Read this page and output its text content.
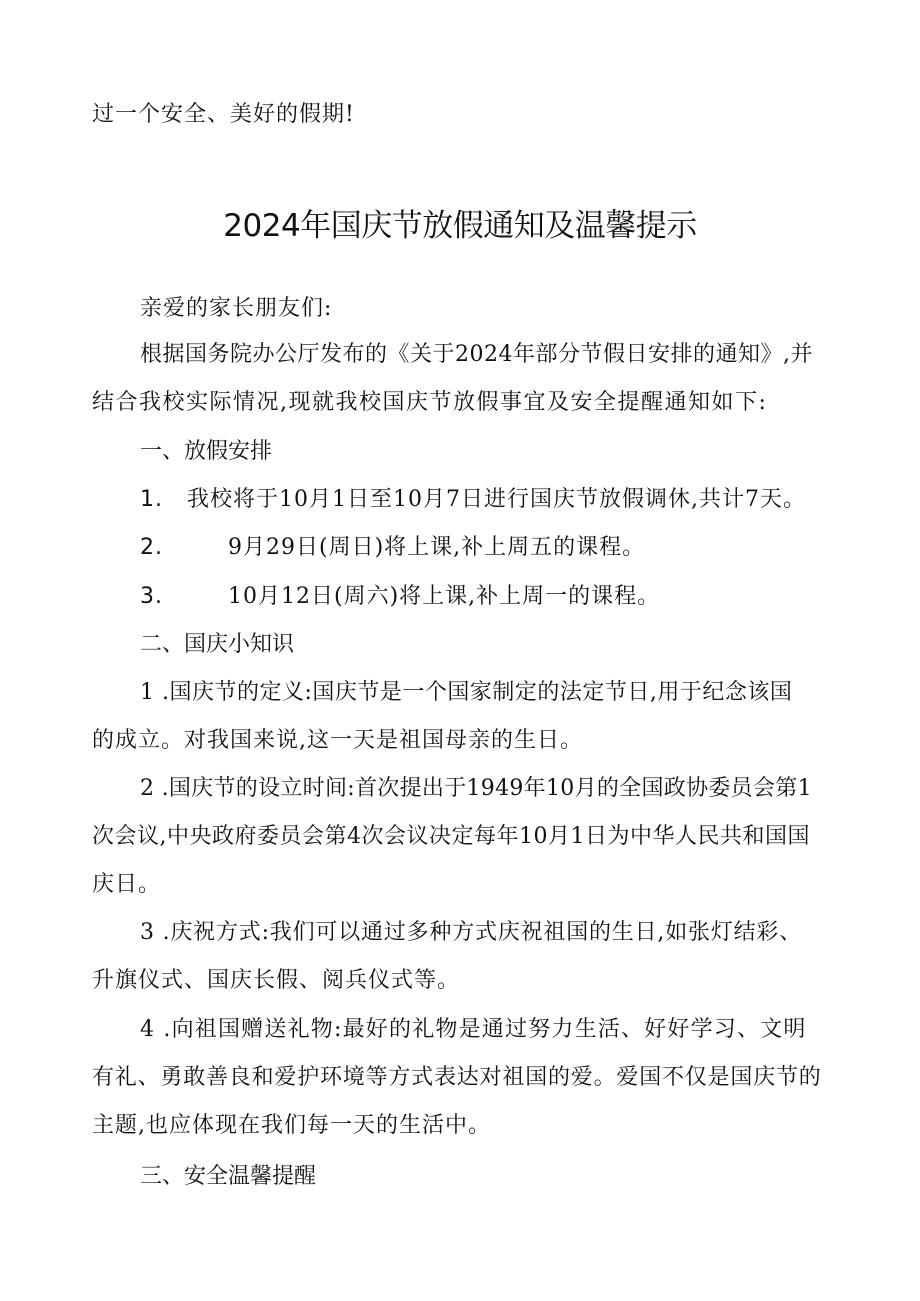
过一个安全、美好的假期!
2024年国庆节放假通知及温馨提示
亲爱的家长朋友们:
根据国务院办公厅发布的《关于2024年部分节假日安排的通知》,并
结合我校实际情况,现就我校国庆节放假事宜及安全提醒通知如下:
一、放假安排
1. 我校将于10月1日至10月7日进行国庆节放假调休,共计7天。
2.	9月29日(周日)将上课,补上周五的课程。
3.	10月12日(周六)将上课,补上周一的课程。
二、国庆小知识
1 .国庆节的定义:国庆节是一个国家制定的法定节日,用于纪念该国
的成立。对我国来说,这一天是祖国母亲的生日。
2 .国庆节的设立时间:首次提出于1949年10月的全国政协委员会第1
次会议,中央政府委员会第4次会议决定每年10月1日为中华人民共和国国
庆日。
3 .庆祝方式:我们可以通过多种方式庆祝祖国的生日,如张灯结彩、
升旗仪式、国庆长假、阅兵仪式等。
4 .向祖国赠送礼物:最好的礼物是通过努力生活、好好学习、文明
有礼、勇敢善良和爱护环境等方式表达对祖国的爱。爱国不仅是国庆节的
主题,也应体现在我们每一天的生活中。
三、安全温馨提醒
